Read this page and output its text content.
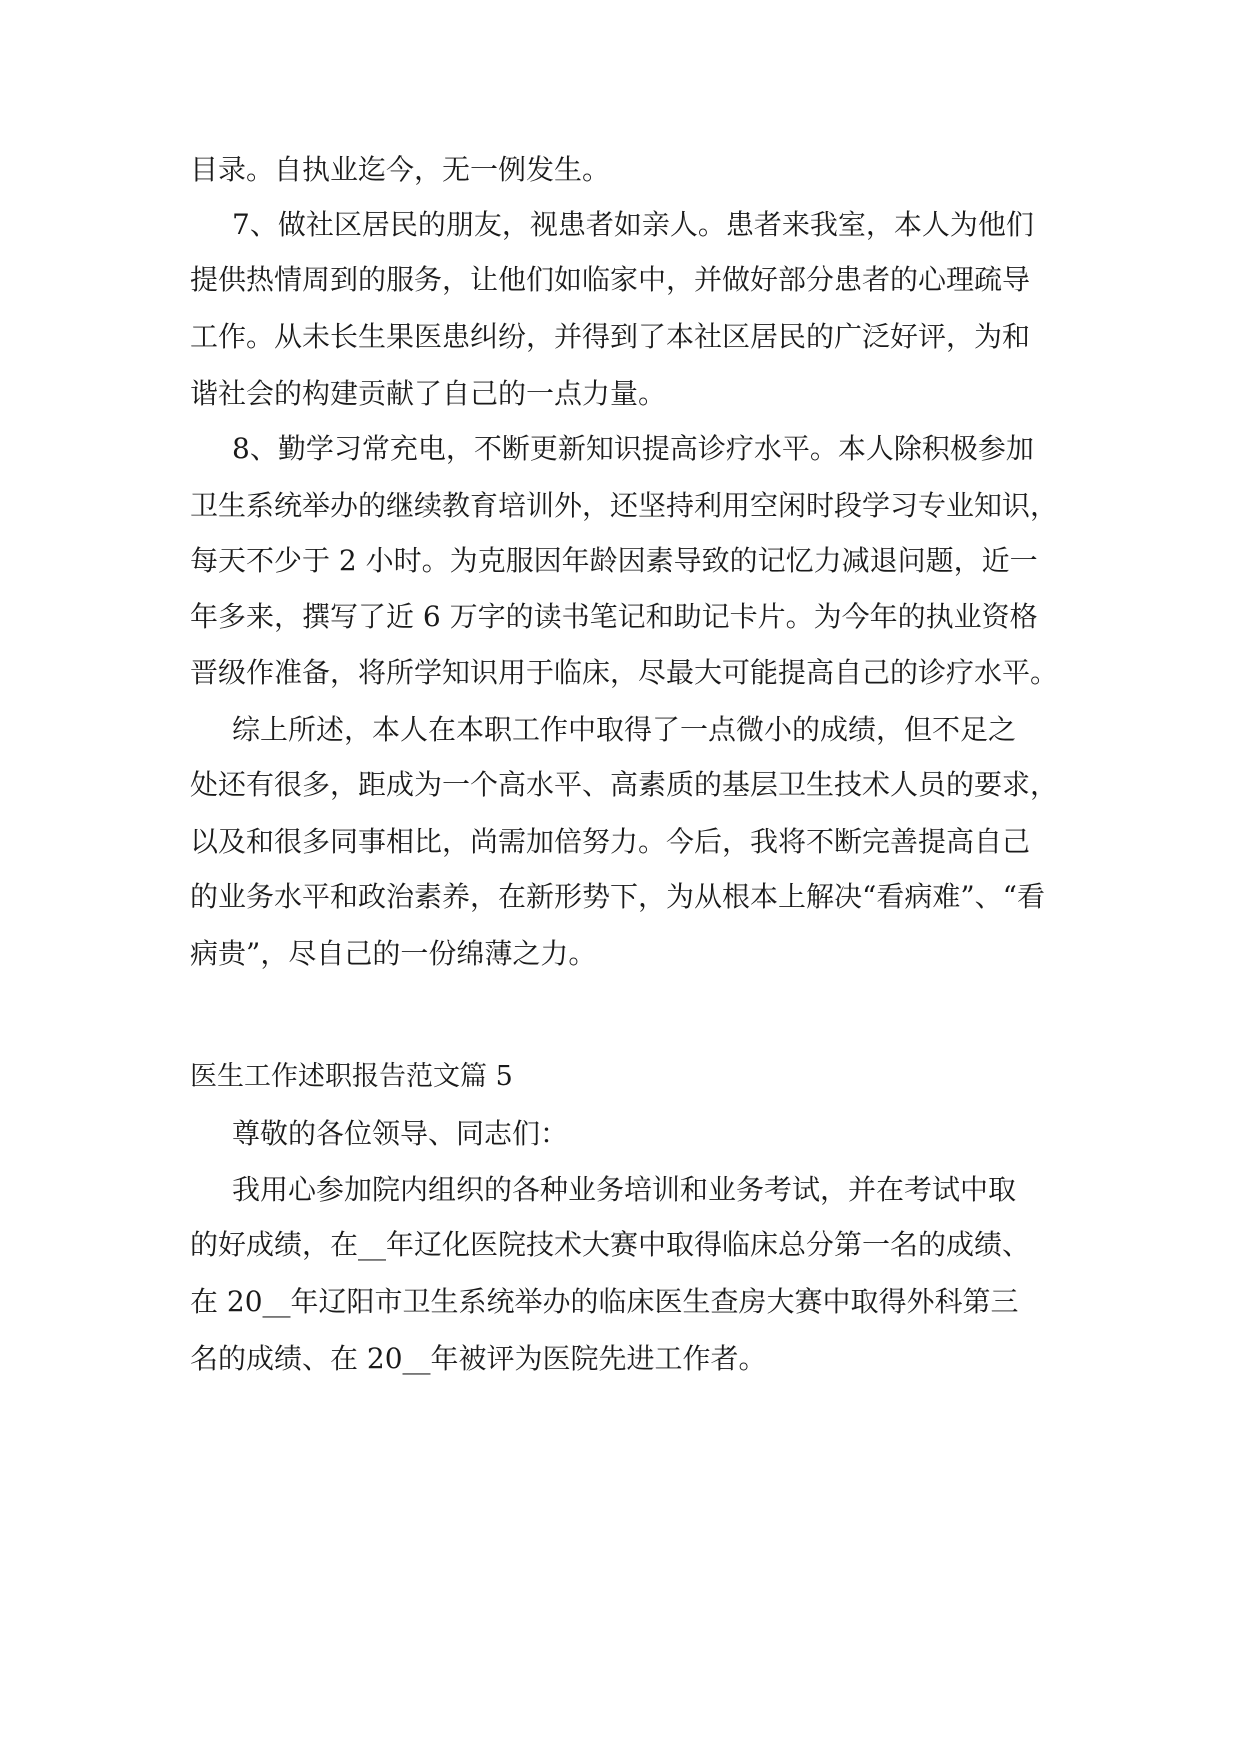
目录。自执业迄今，无一例发生。

7、做社区居民的朋友，视患者如亲人。患者来我室，本人为他们

提供热情周到的服务，让他们如临家中，并做好部分患者的心理疏导

工作。从未长生果医患纠纷，并得到了本社区居民的广泛好评，为和

谐社会的构建贡献了自己的一点力量。

8、勤学习常充电，不断更新知识提高诊疗水平。本人除积极参加

卫生系统举办的继续教育培训外，还坚持利用空闲时段学习专业知识，

每天不少于 2 小时。为克服因年龄因素导致的记忆力减退问题，近一

年多来，撰写了近 6 万字的读书笔记和助记卡片。为今年的执业资格

晋级作准备，将所学知识用于临床，尽最大可能提高自己的诊疗水平。

综上所述，本人在本职工作中取得了一点微小的成绩，但不足之

处还有很多，距成为一个高水平、高素质的基层卫生技术人员的要求，

以及和很多同事相比，尚需加倍努力。今后，我将不断完善提高自己

的业务水平和政治素养，在新形势下，为从根本上解决“看病难”、“看

病贵”，尽自己的一份绵薄之力。

医生工作述职报告范文篇 5

尊敬的各位领导、同志们：

我用心参加院内组织的各种业务培训和业务考试，并在考试中取

的好成绩，在__年辽化医院技术大赛中取得临床总分第一名的成绩、

在 20__年辽阳市卫生系统举办的临床医生查房大赛中取得外科第三

名的成绩、在 20__年被评为医院先进工作者。
